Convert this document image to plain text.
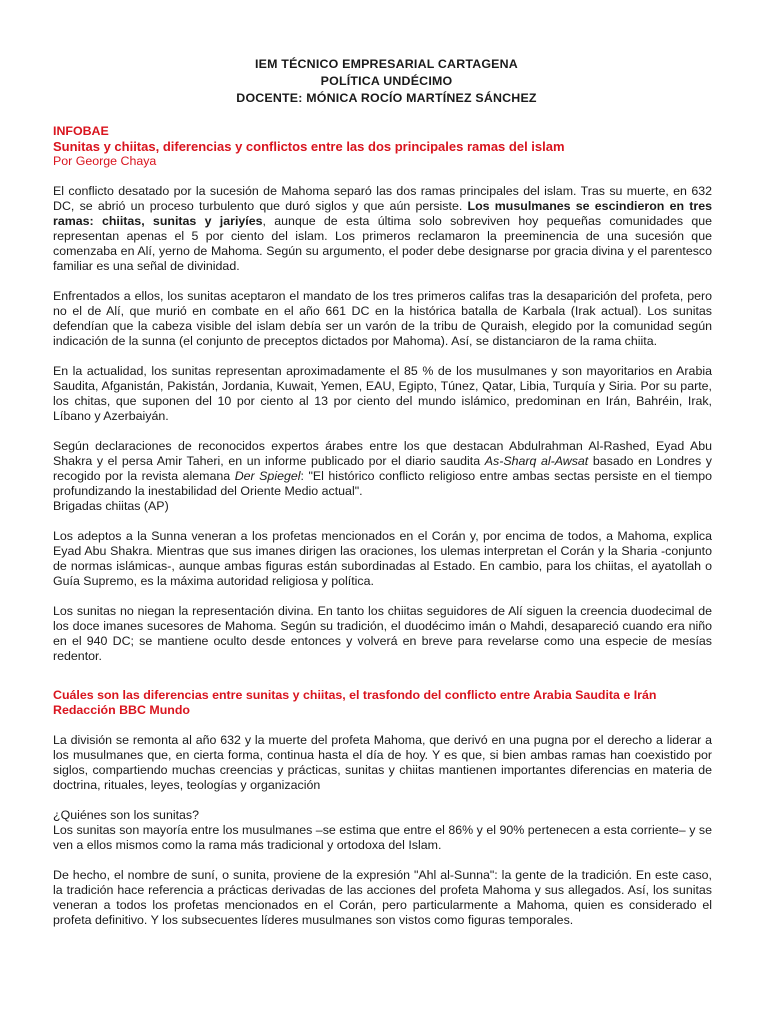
IEM TÉCNICO EMPRESARIAL CARTAGENA
POLÍTICA UNDÉCIMO
DOCENTE: MÓNICA ROCÍO MARTÍNEZ SÁNCHEZ
INFOBAE
Sunitas y chiitas, diferencias y conflictos entre las dos principales ramas del islam
Por George Chaya

El conflicto desatado por la sucesión de Mahoma separó las dos ramas principales del islam. Tras su muerte, en 632 DC, se abrió un proceso turbulento que duró siglos y que aún persiste. Los musulmanes se escindieron en tres ramas: chiitas, sunitas y jariyíes, aunque de esta última solo sobreviven hoy pequeñas comunidades que representan apenas el 5 por ciento del islam. Los primeros reclamaron la preeminencia de una sucesión que comenzaba en Alí, yerno de Mahoma. Según su argumento, el poder debe designarse por gracia divina y el parentesco familiar es una señal de divinidad.

Enfrentados a ellos, los sunitas aceptaron el mandato de los tres primeros califas tras la desaparición del profeta, pero no el de Alí, que murió en combate en el año 661 DC en la histórica batalla de Karbala (Irak actual). Los sunitas defendían que la cabeza visible del islam debía ser un varón de la tribu de Quraish, elegido por la comunidad según indicación de la sunna (el conjunto de preceptos dictados por Mahoma). Así, se distanciaron de la rama chiita.

En la actualidad, los sunitas representan aproximadamente el 85 % de los musulmanes y son mayoritarios en Arabia Saudita, Afganistán, Pakistán, Jordania, Kuwait, Yemen, EAU, Egipto, Túnez, Qatar, Libia, Turquía y Siria. Por su parte, los chitas, que suponen del 10 por ciento al 13 por ciento del mundo islámico, predominan en Irán, Bahréin, Irak, Líbano y Azerbaiyán.

Según declaraciones de reconocidos expertos árabes entre los que destacan Abdulrahman Al-Rashed, Eyad Abu Shakra y el persa Amir Taheri, en un informe publicado por el diario saudita As-Sharq al-Awsat basado en Londres y recogido por la revista alemana Der Spiegel: "El histórico conflicto religioso entre ambas sectas persiste en el tiempo profundizando la inestabilidad del Oriente Medio actual".

Brigadas chiitas (AP)

Los adeptos a la Sunna veneran a los profetas mencionados en el Corán y, por encima de todos, a Mahoma, explica Eyad Abu Shakra. Mientras que sus imanes dirigen las oraciones, los ulemas interpretan el Corán y la Sharia -conjunto de normas islámicas-, aunque ambas figuras están subordinadas al Estado. En cambio, para los chiitas, el ayatollah o Guía Supremo, es la máxima autoridad religiosa y política.

Los sunitas no niegan la representación divina. En tanto los chiitas seguidores de Alí siguen la creencia duodecimal de los doce imanes sucesores de Mahoma. Según su tradición, el duodécimo imán o Mahdi, desapareció cuando era niño en el 940 DC; se mantiene oculto desde entonces y volverá en breve para revelarse como una especie de mesías redentor.

Cuáles son las diferencias entre sunitas y chiitas, el trasfondo del conflicto entre Arabia Saudita e Irán
Redacción BBC Mundo

La división se remonta al año 632 y la muerte del profeta Mahoma, que derivó en una pugna por el derecho a liderar a los musulmanes que, en cierta forma, continua hasta el día de hoy. Y es que, si bien ambas ramas han coexistido por siglos, compartiendo muchas creencias y prácticas, sunitas y chiitas mantienen importantes diferencias en materia de doctrina, rituales, leyes, teologías y organización

¿Quiénes son los sunitas?

Los sunitas son mayoría entre los musulmanes –se estima que entre el 86% y el 90% pertenecen a esta corriente– y se ven a ellos mismos como la rama más tradicional y ortodoxa del Islam.

De hecho, el nombre de suní, o sunita, proviene de la expresión "Ahl al-Sunna": la gente de la tradición. En este caso, la tradición hace referencia a prácticas derivadas de las acciones del profeta Mahoma y sus allegados. Así, los sunitas veneran a todos los profetas mencionados en el Corán, pero particularmente a Mahoma, quien es considerado el profeta definitivo. Y los subsecuentes líderes musulmanes son vistos como figuras temporales.
